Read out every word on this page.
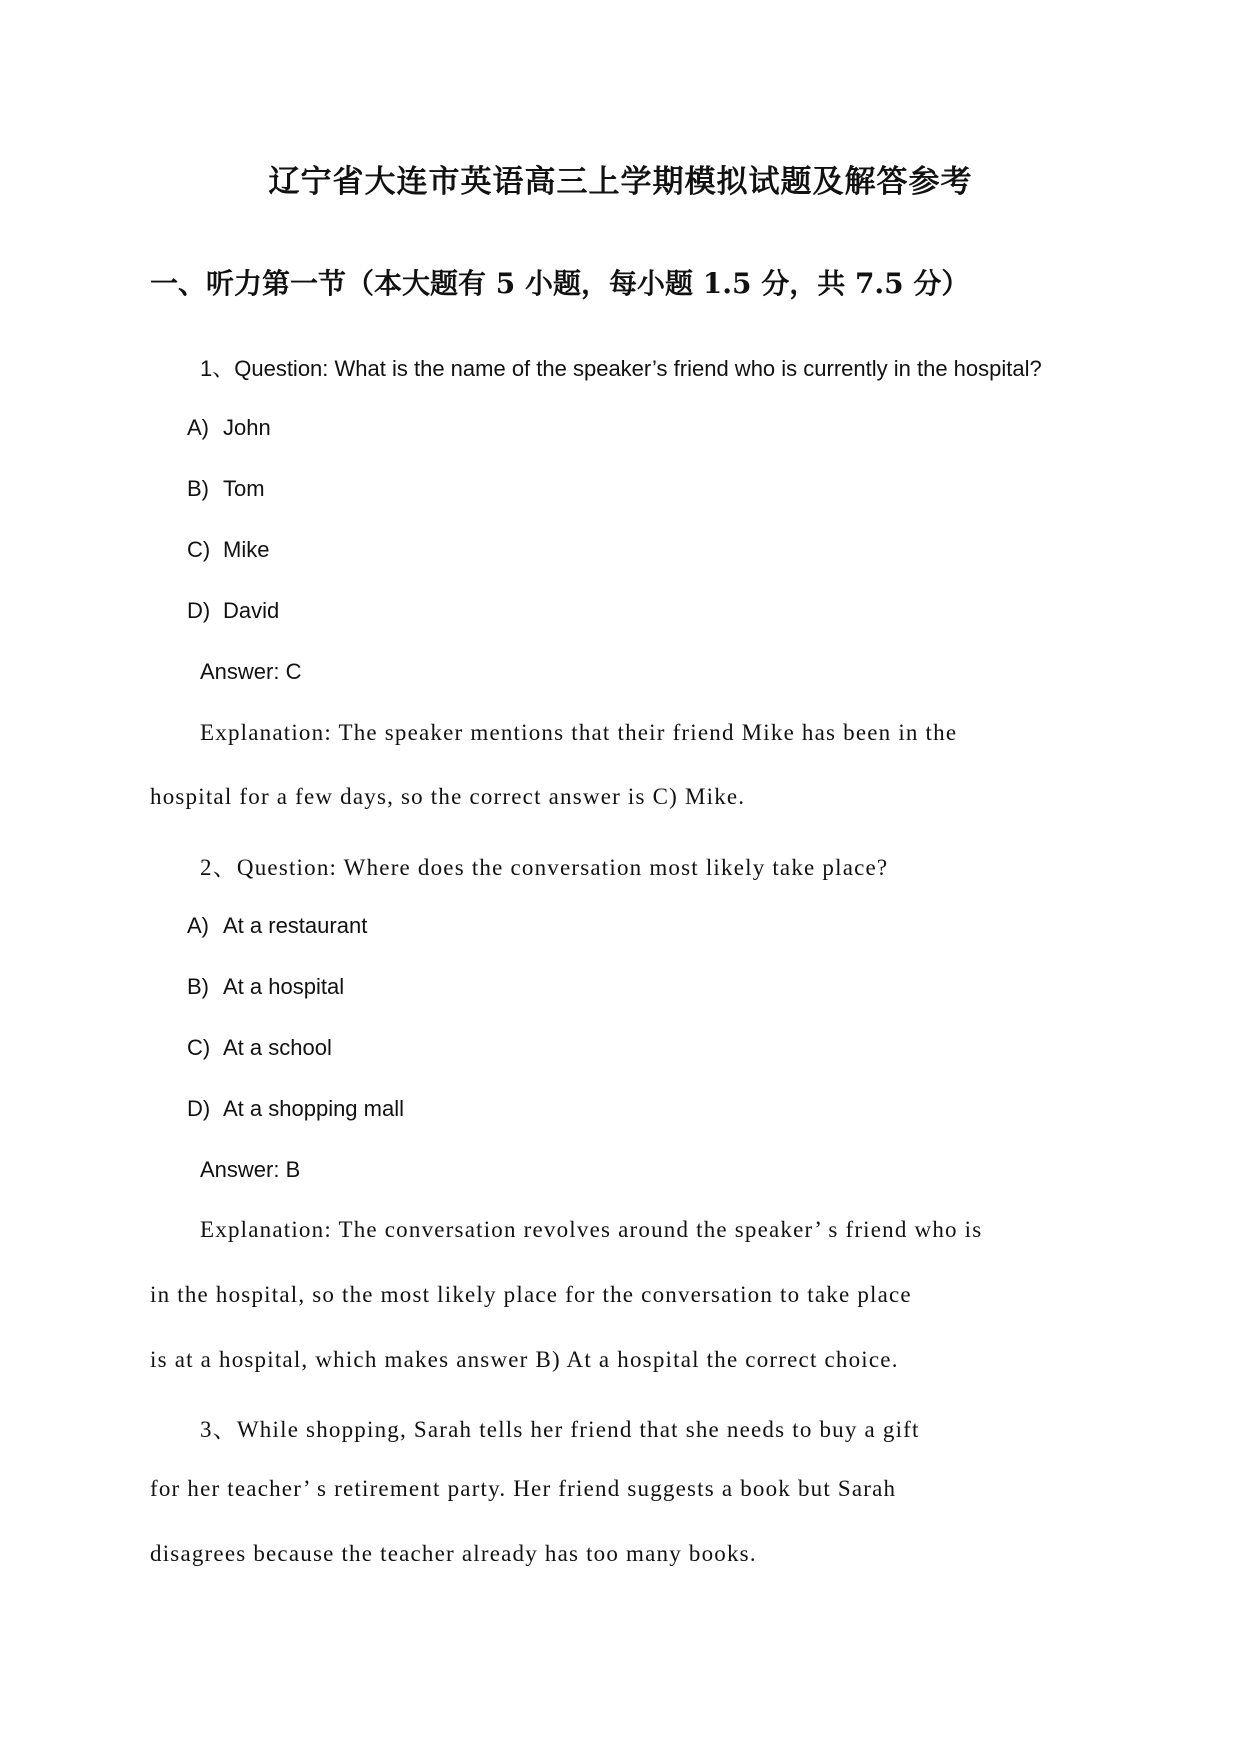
辽宁省大连市英语高三上学期模拟试题及解答参考
一、听力第一节（本大题有 5 小题，每小题 1.5 分，共 7.5 分）

1、Question: What is the name of the speaker’s friend who is currently in the hospital?

A) John

B) Tom

C) Mike

D) David

Answer: C

Explanation: The speaker mentions that their friend Mike has been in the

hospital for a few days, so the correct answer is C) Mike.

2、Question: Where does the conversation most likely take place?

A) At a restaurant

B) At a hospital

C) At a school

D) At a shopping mall

Answer: B

Explanation: The conversation revolves around the speaker’ s friend who is

in the hospital, so the most likely place for the conversation to take place

is at a hospital, which makes answer B) At a hospital the correct choice.

3、While shopping, Sarah tells her friend that she needs to buy a gift

for her teacher’ s retirement party. Her friend suggests a book but Sarah

disagrees because the teacher already has too many books.
